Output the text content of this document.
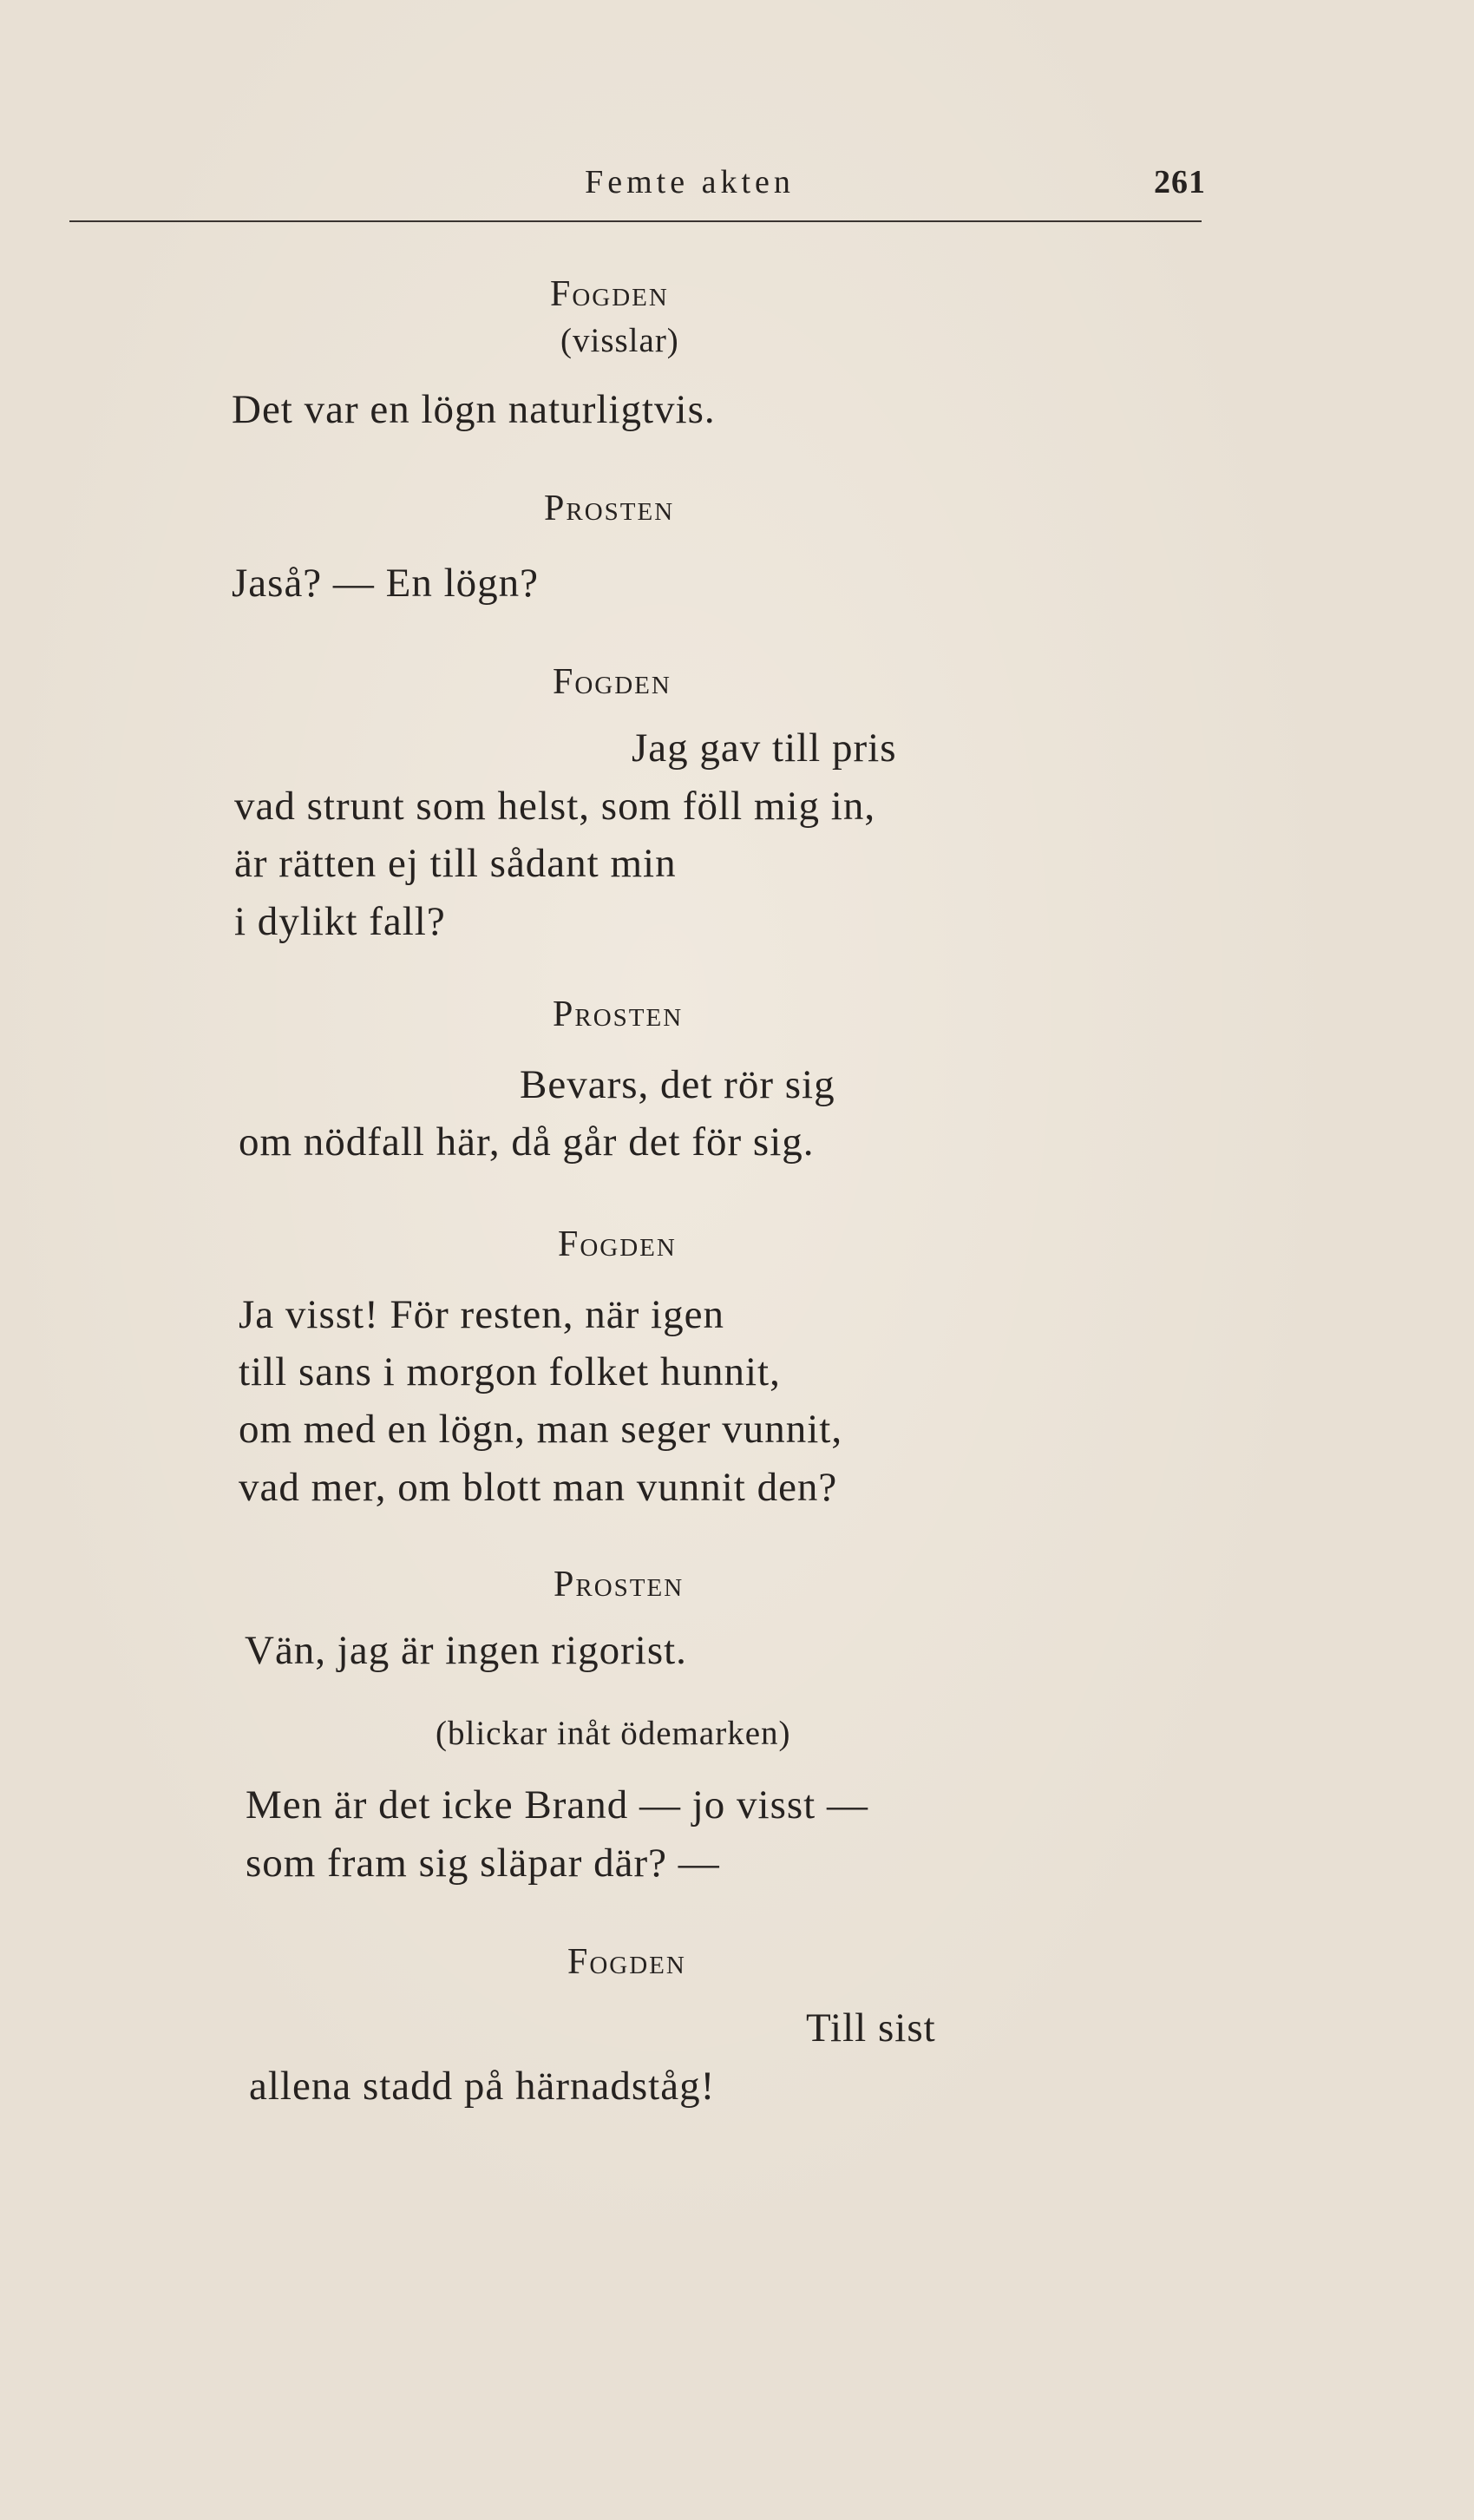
Femte akten	261
Fogden
(visslar)
Det var en lögn naturligtvis.
Prosten
Jaså? — En lögn?
Fogden
Jag gav till pris
vad strunt som helst, som föll mig in,
är rätten ej till sådant min
i dylikt fall?
Prosten
Bevars, det rör sig
om nödfall här, då går det för sig.
Fogden
Ja visst! För resten, när igen
till sans i morgon folket hunnit,
om med en lögn, man seger vunnit,
vad mer, om blott man vunnit den?
Prosten
Vän, jag är ingen rigorist.
(blickar inåt ödemarken)
Men är det icke Brand — jo visst —
som fram sig släpar där? —
Fogden
Till sist
allena stadd på härnadståg!
